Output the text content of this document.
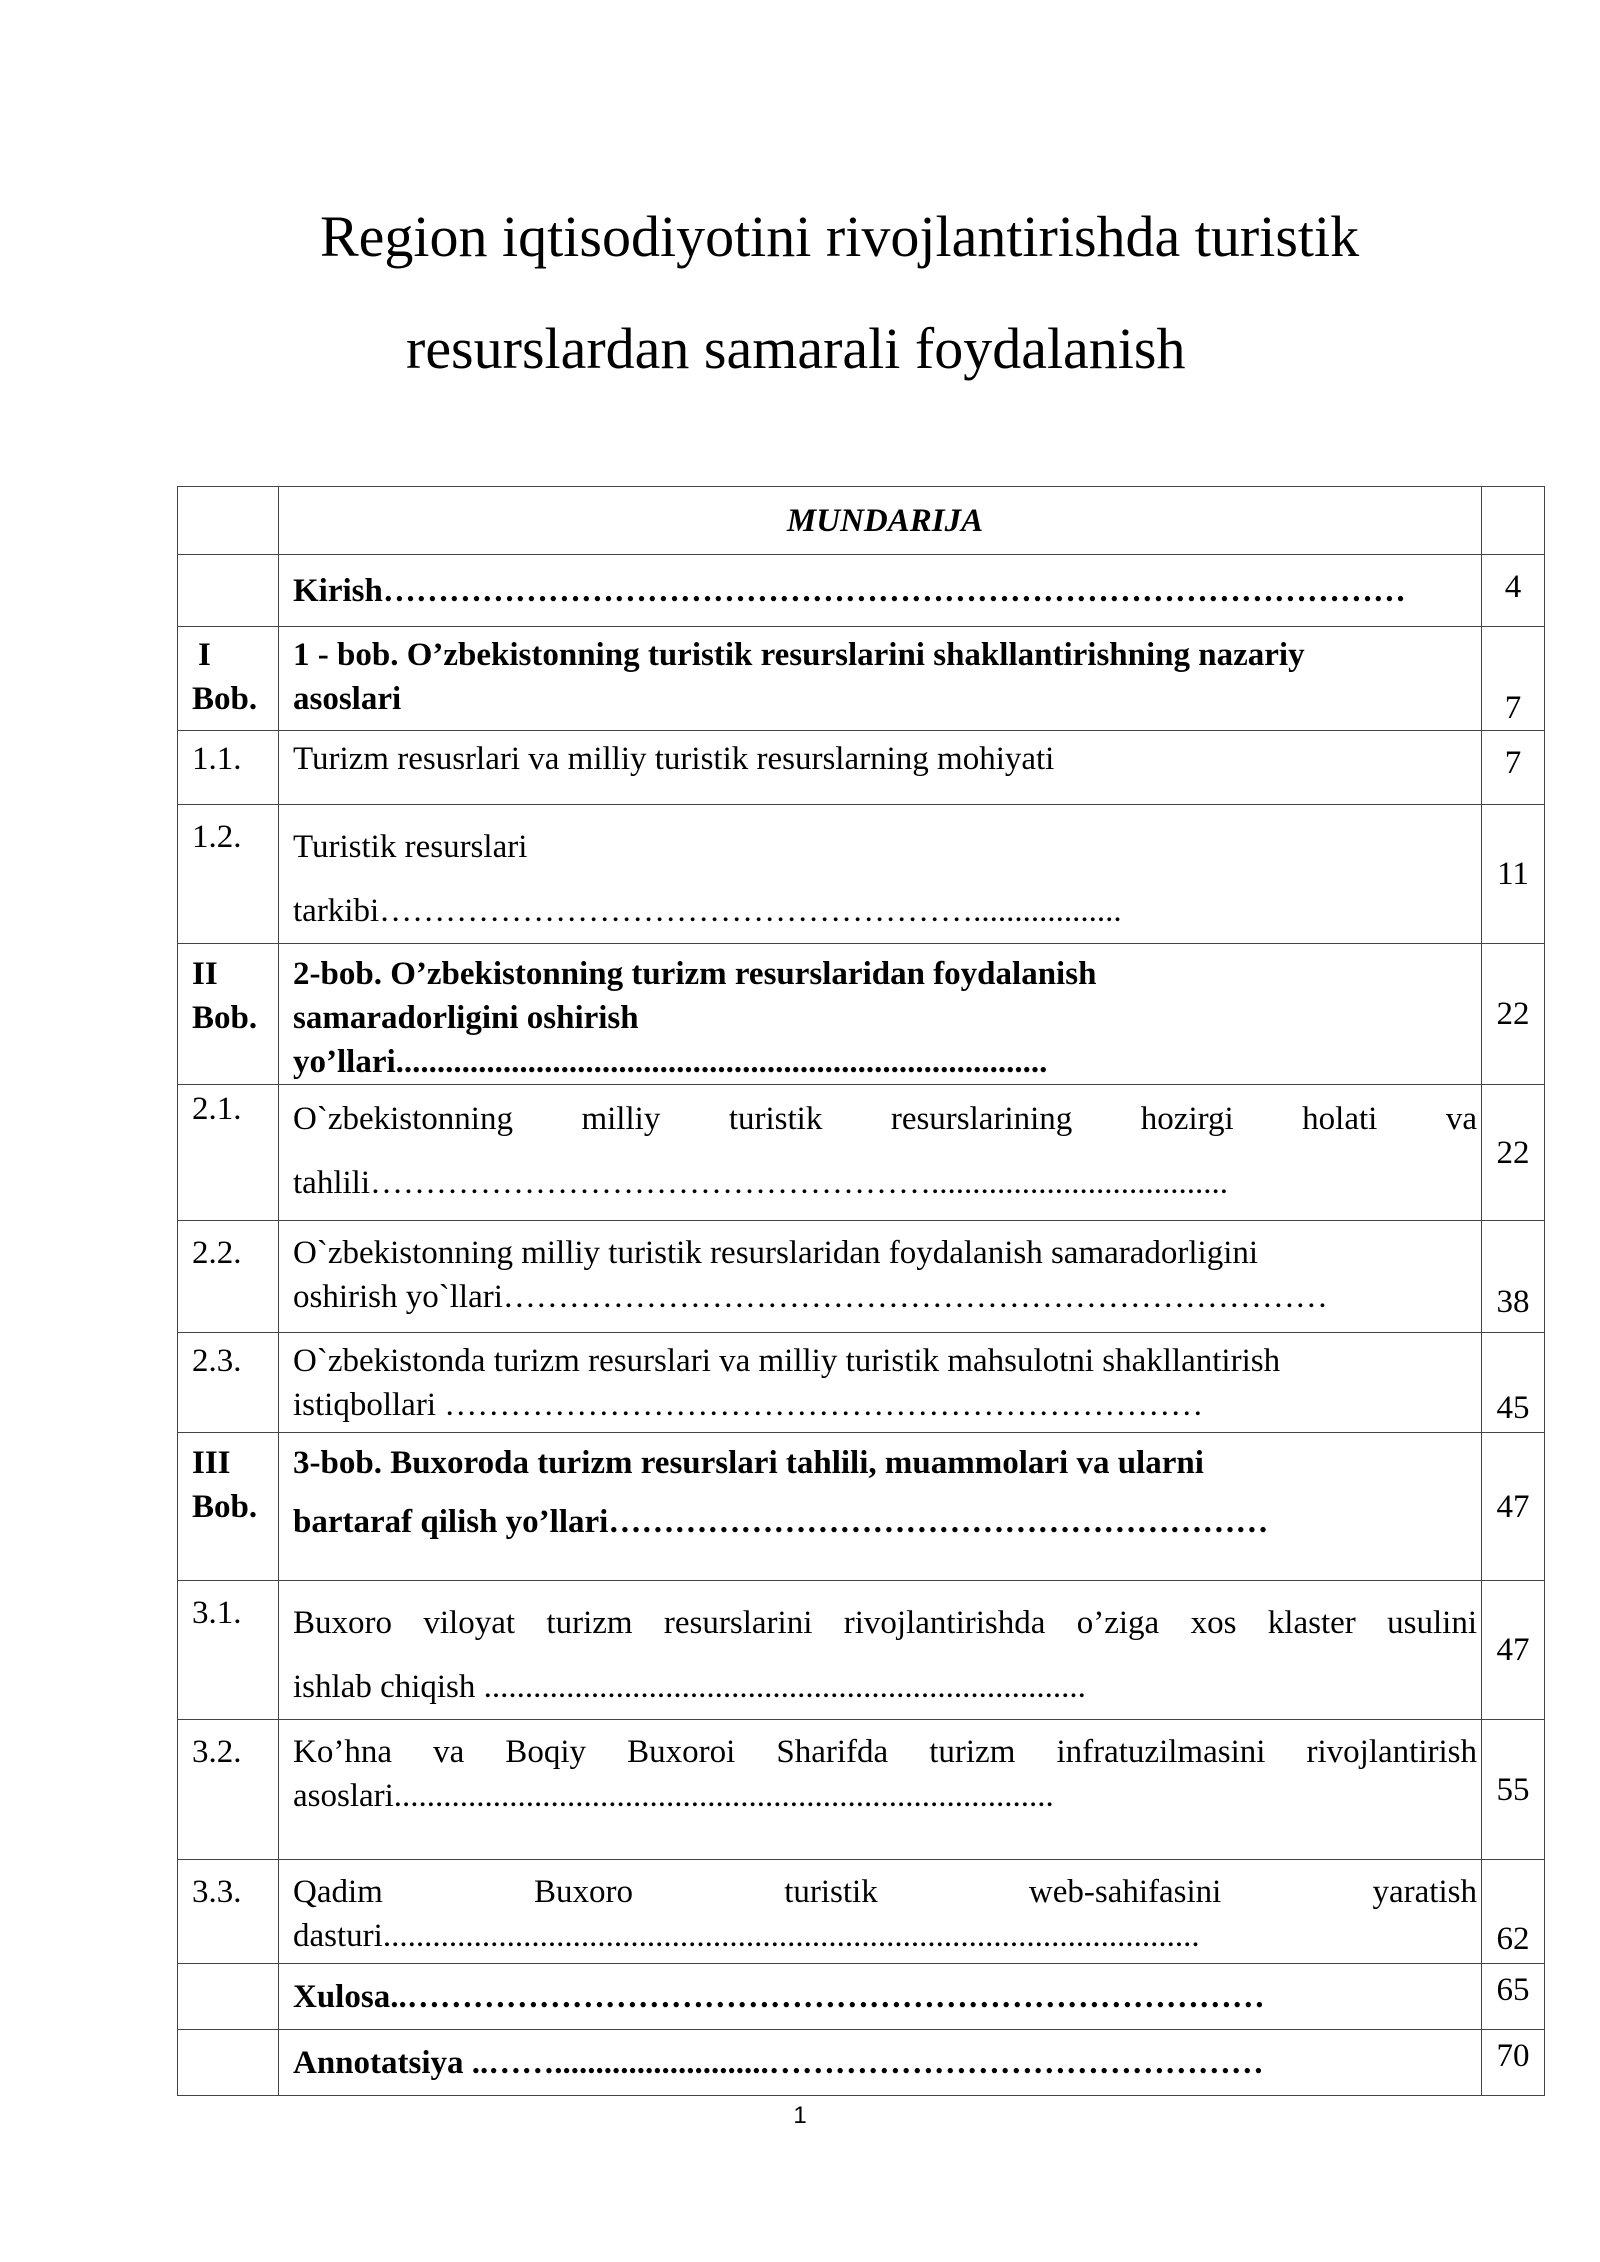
Region iqtisodiyotini rivojlantirishda turistik
resurslardan samarali foydalanish
	MUNDARIJA	

	Kirish…………………………………………………………………………………	4

I
Bob.	1 - bob. O’zbekistonning turistik resurslarini shakllantirishning nazariy
asoslari	7
1.1.	Turizm resusrlari va milliy turistik resurslarning mohiyati	7
1.2.	Turistik resurslari
tarkibi………………………………………………..................	11

II
Bob.	2-bob. O’zbekistonning turizm resurslaridan foydalanish
samaradorligini oshirish
yo’llari...............................................................................	22
2.1.	O`zbekistonning milliy turistik resurslarining hozirgi holati va
tahlili……………………………………………....................................	22
2.2.	O`zbekistonning milliy turistik resurslaridan foydalanish samaradorligini
oshirish yo`llari…………………………………………………………………	38
2.3.	O`zbekistonda turizm resurslari va milliy turistik mahsulotni shakllantirish
istiqbollari ……………………………………………………………	45

III
Bob.	3-bob. Buxoroda turizm resurslari tahlili, muammolari va ularni
bartaraf qilish yo’llari……………………………………………………	47
3.1.	Buxoro viloyat turizm resurslarini rivojlantirishda o’ziga xos klaster usulini
ishlab chiqish .........................................................................	47
3.2.	Ko’hna va Boqiy Buxoroi Sharifda turizm infratuzilmasini rivojlantirish
asoslari................................................................................	55
3.3.	Qadim Buxoro turistik web-sahifasini yaratish
dasturi...................................................................................................	62

	Xulosa..……………………………………………………………………	65

	Annotatsiya ..……..........................………………………………………	70
1
